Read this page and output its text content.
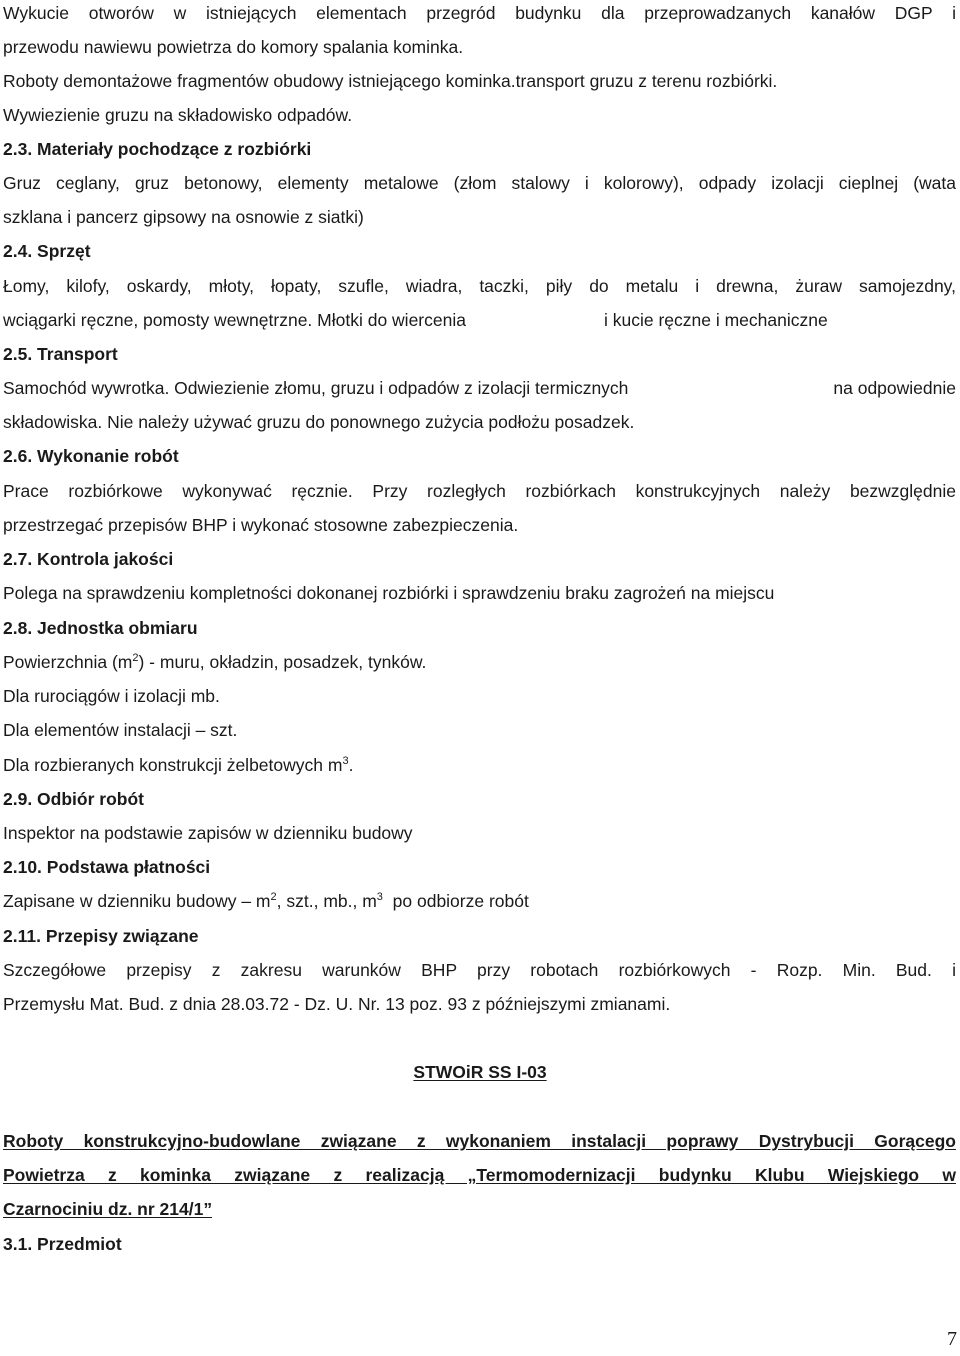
Wykucie otworów w istniejących elementach przegród budynku dla przeprowadzanych kanałów DGP i
przewodu nawiewu powietrza do komory spalania kominka.
Roboty demontażowe fragmentów obudowy istniejącego kominka.transport gruzu z terenu rozbiórki.
Wywiezienie gruzu na składowisko odpadów.
2.3. Materiały pochodzące z rozbiórki
Gruz ceglany, gruz betonowy, elementy metalowe (złom stalowy i kolorowy), odpady izolacji cieplnej (wata
szklana i pancerz gipsowy na osnowie z siatki)
2.4. Sprzęt
Łomy, kilofy, oskardy, młoty, łopaty, szufle, wiadra, taczki, piły do metalu i drewna, żuraw samojezdny,
wciągarki ręczne, pomosty wewnętrzne. Młotki do wiercenia	i kucie ręczne i mechaniczne
2.5. Transport
Samochód wywrotka. Odwiezienie złomu, gruzu i odpadów z izolacji termicznych	na odpowiednie
składowiska. Nie należy używać gruzu do ponownego zużycia podłożu posadzek.
2.6. Wykonanie robót
Prace rozbiórkowe wykonywać ręcznie. Przy rozległych rozbiórkach konstrukcyjnych należy bezwzględnie
przestrzegać przepisów BHP i wykonać stosowne zabezpieczenia.
2.7. Kontrola jakości
Polega na sprawdzeniu kompletności dokonanej rozbiórki i sprawdzeniu braku zagrożeń na miejscu
2.8. Jednostka obmiaru
Powierzchnia $(m^2)$ - muru, okładzin, posadzek, tynków.
Dla rurociągów i izolacji mb.
Dla elementów instalacji – szt.
Dla rozbieranych konstrukcji żelbetowych $m^3$.
2.9. Odbiór robót
Inspektor na podstawie zapisów w dzienniku budowy
2.10. Podstawa płatności
Zapisane w dzienniku budowy – $m^2$, szt., mb., $m^3$  po odbiorze robót
2.11. Przepisy związane
Szczegółowe przepisy z zakresu warunków BHP przy robotach rozbiórkowych - Rozp. Min. Bud. i
Przemysłu Mat. Bud. z dnia 28.03.72 - Dz. U. Nr. 13 poz. 93 z późniejszymi zmianami.
STWOiR SS I-03
Roboty konstrukcyjno-budowlane związane z wykonaniem instalacji poprawy Dystrybucji Gorącego
Powietrza z kominka związane z realizacją „Termomodernizacji budynku Klubu Wiejskiego w
Czarnociniu dz. nr 214/1”
3.1. Przedmiot
7
